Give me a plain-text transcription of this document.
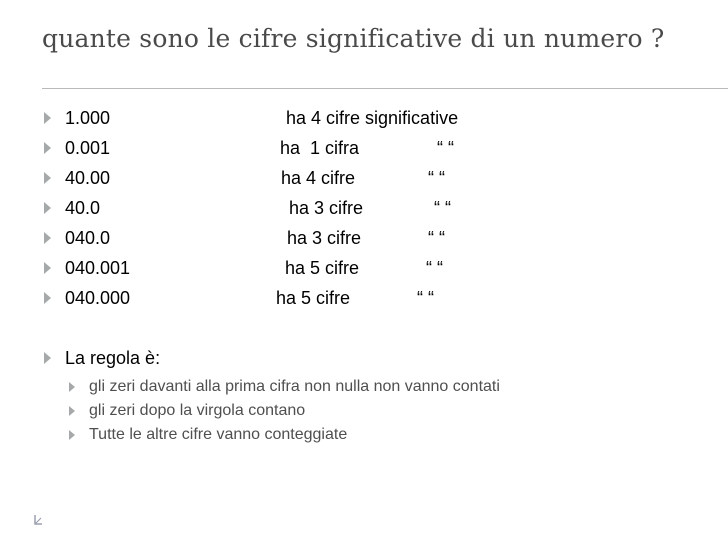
quante sono le cifre significative di un numero ?
1.000	ha 4 cifre significative
0.001	ha  1 cifra	“ “
40.00	ha 4 cifre	“ “
40.0	ha 3 cifre	“ “
040.0	ha 3 cifre	“ “
040.001	ha 5 cifre	“ “
040.000	ha 5 cifre	“ “
La regola è:
gli zeri davanti alla prima cifra non nulla non vanno contati
gli zeri dopo la virgola contano
Tutte le altre cifre vanno conteggiate
